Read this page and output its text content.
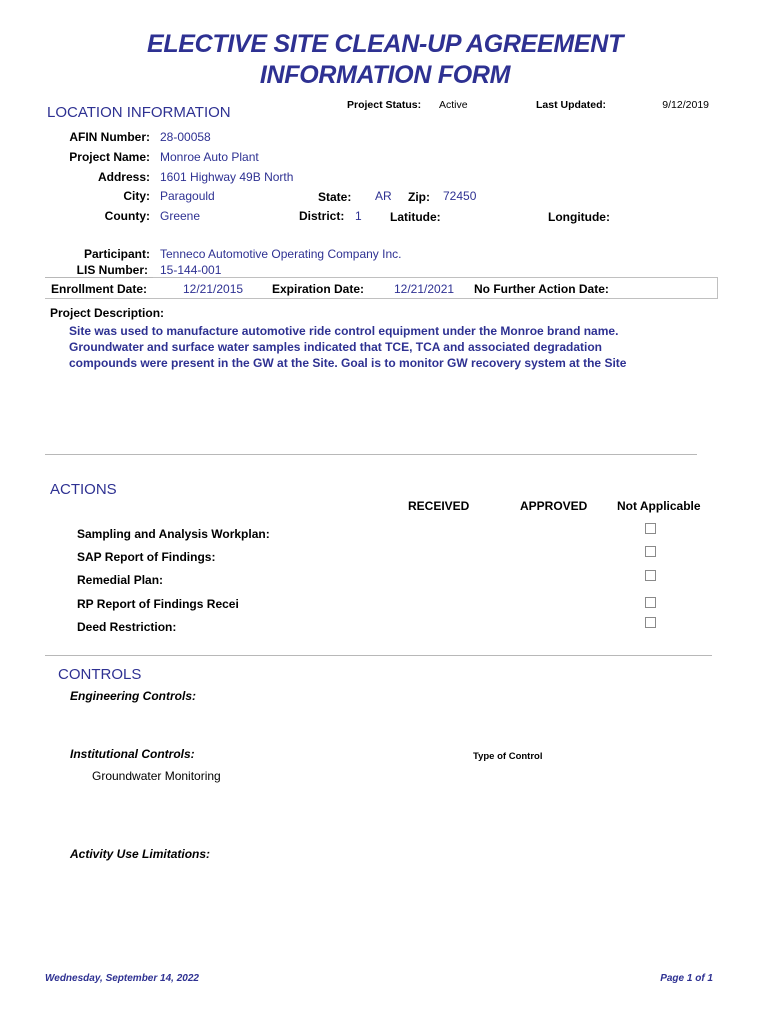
ELECTIVE SITE CLEAN-UP AGREEMENT
INFORMATION FORM
LOCATION INFORMATION	Project Status: Active	Last Updated:	9/12/2019
AFIN Number: 28-00058
Project Name: Monroe Auto Plant
Address: 1601 Highway 49B North
City: Paragould	State: AR Zip: 72450
County: Greene	District: 1 Latitude:	Longitude:
Participant: Tenneco Automotive Operating Company Inc.
LIS Number: 15-144-001
Enrollment Date:	12/21/2015 Expiration Date: 12/21/2021 No Further Action Date:
Project Description:
Site was used to manufacture automotive ride control equipment under the Monroe brand name.
Groundwater and surface water samples indicated that TCE, TCA and associated degradation
compounds were present in the GW at the Site. Goal is to monitor GW recovery system at the Site
ACTIONS
RECEIVED	APPROVED Not Applicable
Sampling and Analysis Workplan:
SAP Report of Findings:
Remedial Plan:
RP Report of Findings Recei
Deed Restriction:
CONTROLS
Engineering Controls:
Institutional Controls:	Type of Control
Groundwater Monitoring
Activity Use Limitations:
Wednesday, September 14, 2022	Page 1 of 1
